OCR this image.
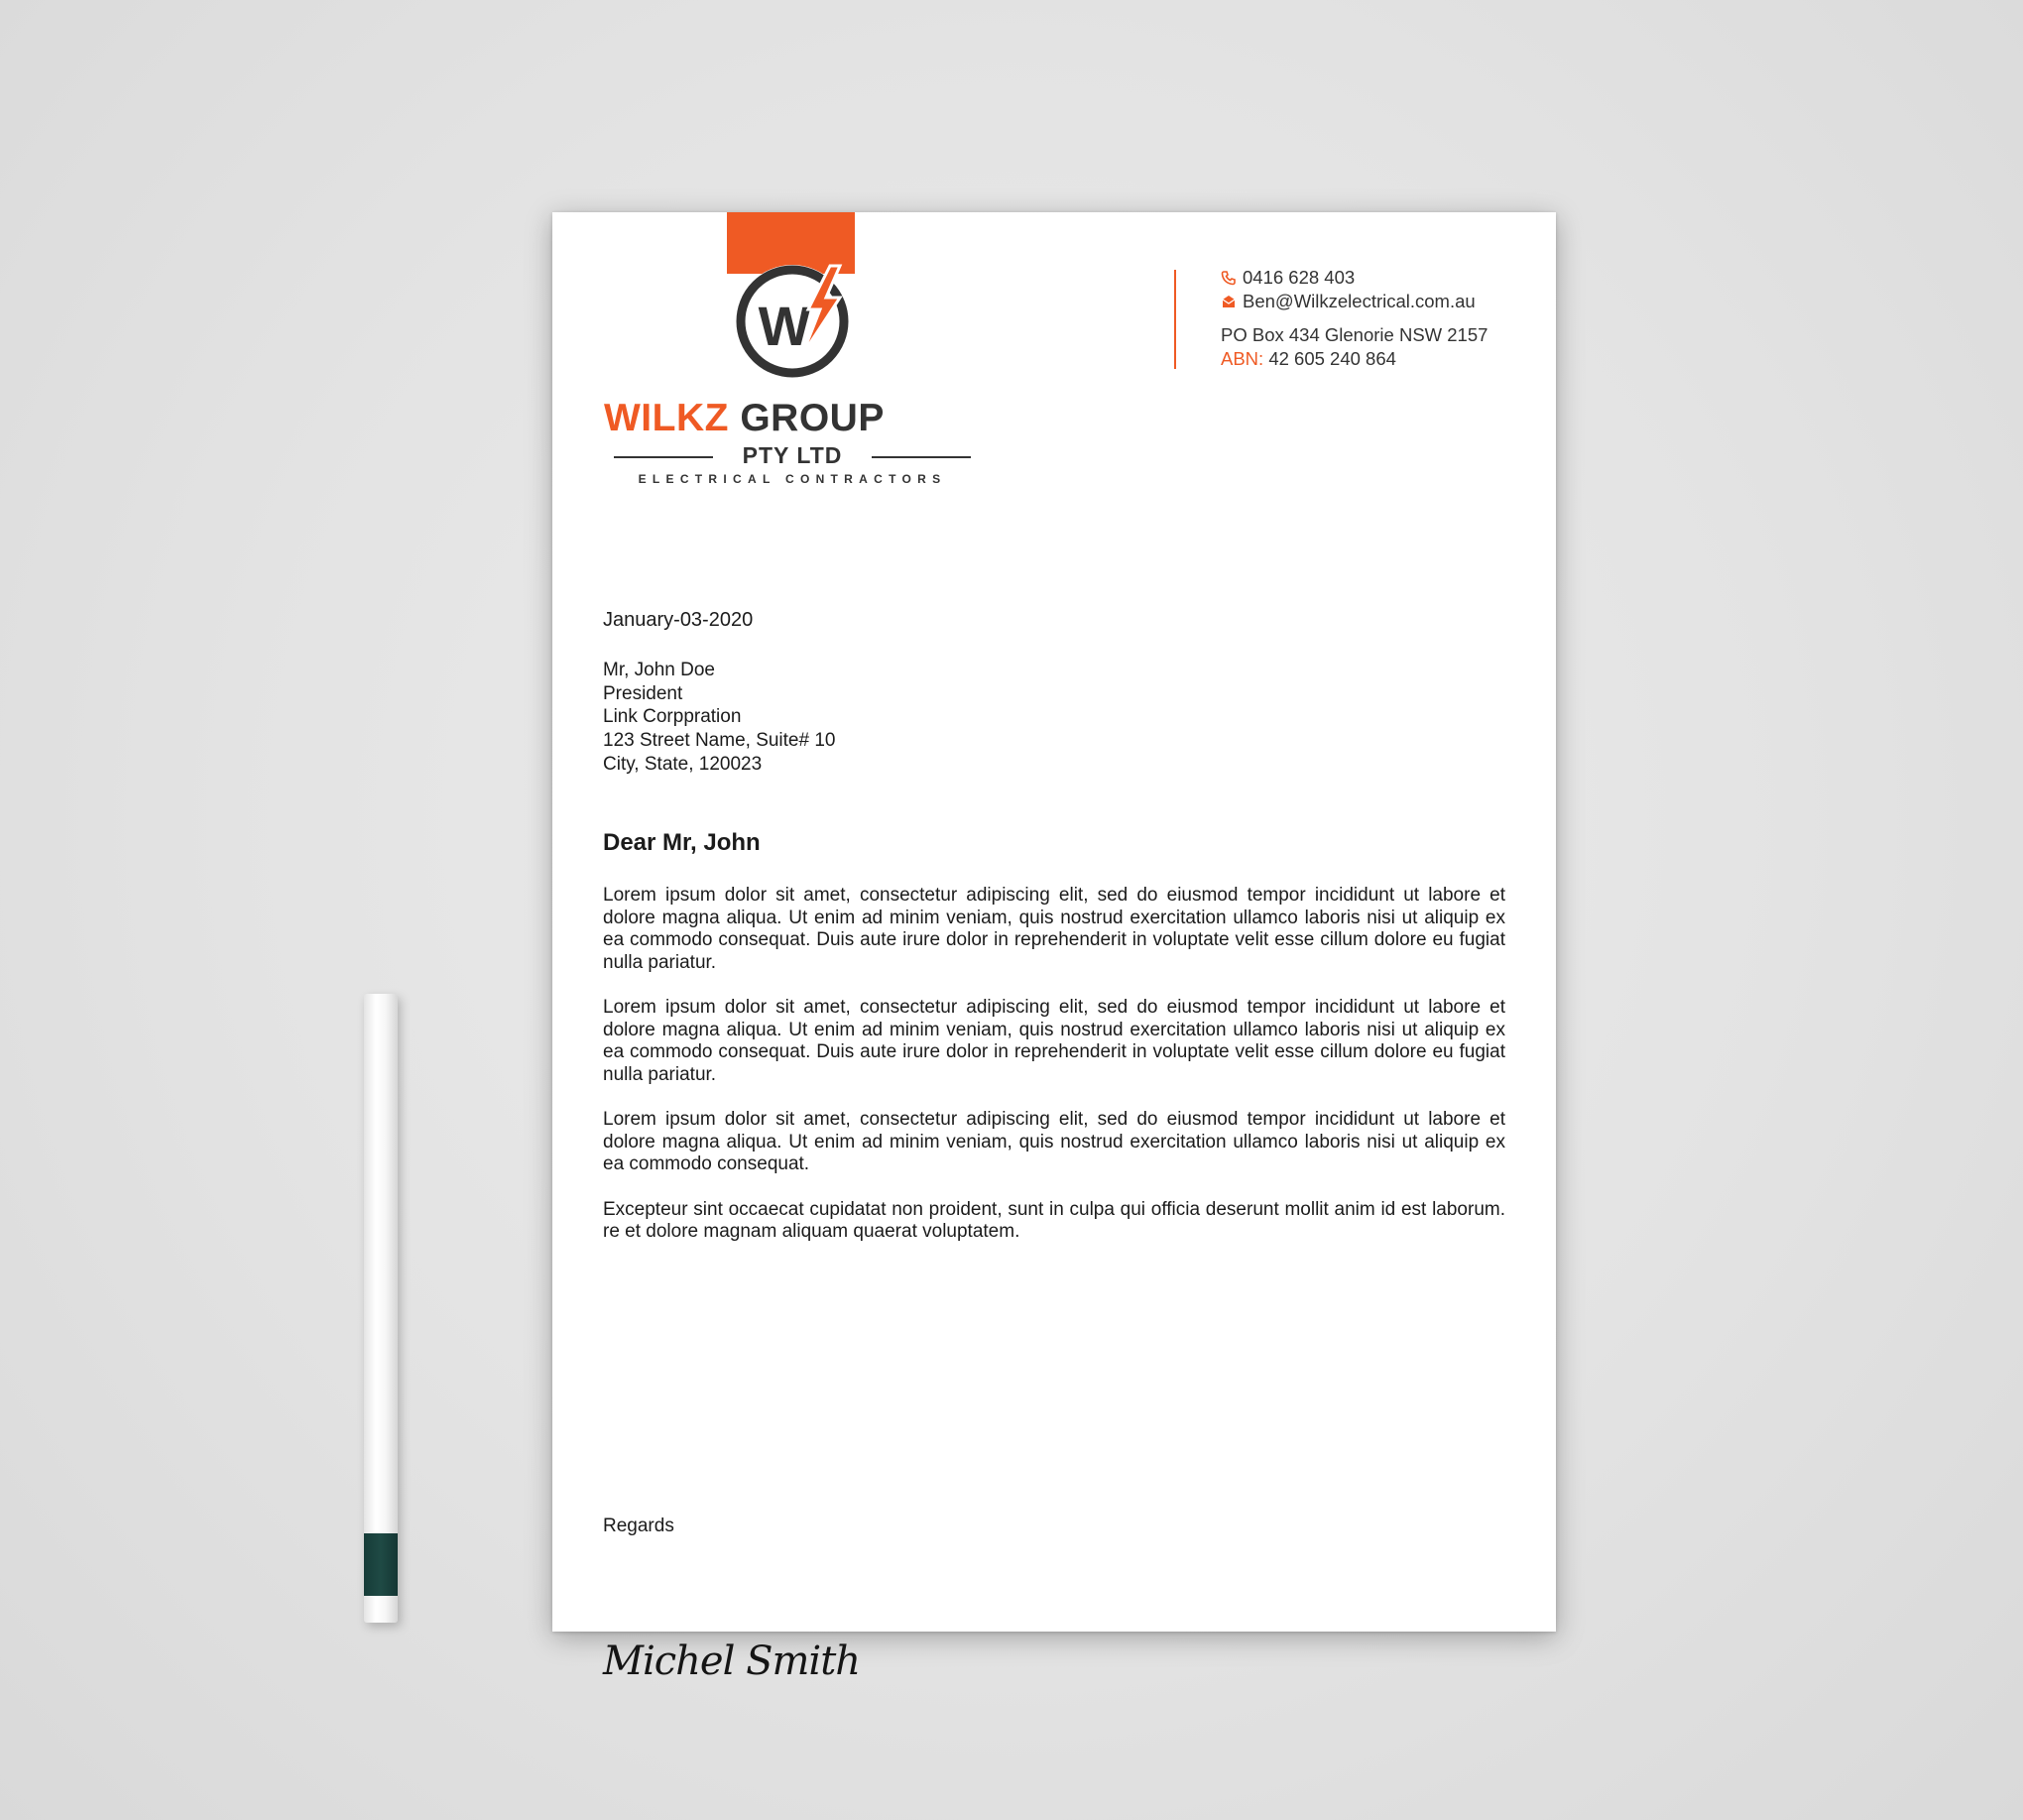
W
WILKZ GROUP
PTY LTD
ELECTRICAL CONTRACTORS
0416 628 403
Ben@Wilkzelectrical.com.au
PO Box 434 Glenorie NSW 2157
ABN: 42 605 240 864
January-03-2020
Mr, John Doe
President
Link Corppration
123 Street Name, Suite# 10
City, State, 120023
Dear Mr, John

Lorem ipsum dolor sit amet, consectetur adipiscing elit, sed do eiusmod tempor incididunt ut labore et dolore magna aliqua. Ut enim ad minim veniam, quis nostrud exercitation ullamco laboris nisi ut aliquip ex ea commodo consequat. Duis aute irure dolor in reprehenderit in voluptate velit esse cillum dolore eu fugiat nulla pariatur.

Lorem ipsum dolor sit amet, consectetur adipiscing elit, sed do eiusmod tempor incididunt ut labore et dolore magna aliqua. Ut enim ad minim veniam, quis nostrud exercitation ullamco laboris nisi ut aliquip ex ea commodo consequat. Duis aute irure dolor in reprehenderit in voluptate velit esse cillum dolore eu fugiat nulla pariatur.

Lorem ipsum dolor sit amet, consectetur adipiscing elit, sed do eiusmod tempor incididunt ut labore et dolore magna aliqua. Ut enim ad minim veniam, quis nostrud exercitation ullamco laboris nisi ut aliquip ex ea commodo consequat.

Excepteur sint occaecat cupidatat non proident, sunt in culpa qui officia deserunt mollit anim id est laborum. re et dolore magnam aliquam quaerat voluptatem.

Regards
Michel Smith
